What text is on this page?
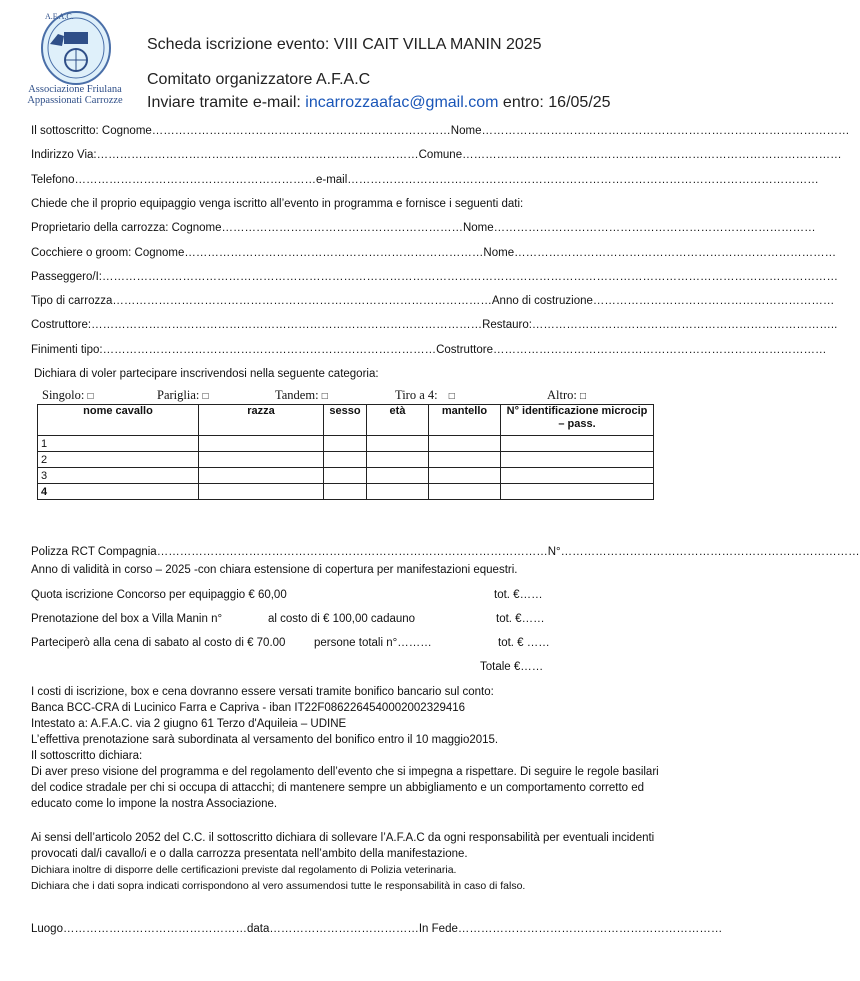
A.F.A.C.
Associazione Friulana
Appassionati Carrozze
Scheda iscrizione evento: VIII CAIT VILLA MANIN 2025
Comitato organizzatore A.F.A.C
Inviare tramite e-mail: incarrozzaafac@gmail.com entro: 16/05/25
Il sottoscritto: Cognome……………………………………………………………………Nome……………………………………………………………………………………
Indirizzo Via:…………………………………………………………………………Comune………………………………………………………………………………………
Telefono………………………………………………………e-mail……………………………………………………………………………………………………………
Chiede che il proprio equipaggio venga iscritto all’evento in programma e fornisce i seguenti dati:
Proprietario della carrozza: Cognome………………………………………………………Nome…………………………………………………………………………
Cocchiere o groom: Cognome……………………………………………………………………Nome…………………………………………………………………………
Passeggero/I:…………………………………………………………………………………………………………………………………………………………………………
Tipo di carrozza………………………………………………………………………………………Anno di costruzione………………………………………………………
Costruttore:…………………………………………………………………………………………Restauro:……………………………………………………………………..
Finimenti tipo:……………………………………………………………………………Costruttore……………………………………………………………………………
Dichiara di voler partecipare inscrivendosi nella seguente categoria:
Singolo: □	Pariglia: □	Tandem: □	Tiro a 4: □	Altro: □
nome cavallo	razza	sesso	età	mantello	N° identificazione microcip – pass.
1					
2					
3					
4					
Polizza RCT Compagnia…………………………………………………………………………………………N°……………………………………………………………………
Anno di validità in corso – 2025 -con chiara estensione di copertura per manifestazioni equestri.
Quota iscrizione Concorso per equipaggio € 60,00	tot. €……
Prenotazione del box a Villa Manin n°	al costo di € 100,00 cadauno	tot. €……
Parteciperò alla cena di sabato al costo di € 70.00 persone totali n°………	tot. € ……
Totale €……
I costi di iscrizione, box e cena dovranno essere versati tramite bonifico bancario sul conto:
Banca BCC-CRA di Lucinico Farra e Capriva - iban IT22F0862264540002002329416
Intestato a: A.F.A.C. via 2 giugno 61 Terzo d'Aquileia – UDINE
L’effettiva prenotazione sarà subordinata al versamento del bonifico entro il 10 maggio2015.
Il sottoscritto dichiara:
Di aver preso visione del programma e del regolamento dell’evento che si impegna a rispettare. Di seguire le regole basilari del codice stradale per chi si occupa di attacchi; di mantenere sempre un abbigliamento e un comportamento corretto ed educato come lo impone la nostra Associazione.
Ai sensi dell’articolo 2052 del C.C. il sottoscritto dichiara di sollevare l’A.F.A.C da ogni responsabilità per eventuali incidenti provocati dal/i cavallo/i e o dalla carrozza presentata nell’ambito della manifestazione.
Dichiara inoltre di disporre delle certificazioni previste dal regolamento di Polizia veterinaria.
Dichiara che i dati sopra indicati corrispondono al vero assumendosi tutte le responsabilità in caso di falso.
Luogo…………………………………………data…………………………………In Fede……………………………………………………………
